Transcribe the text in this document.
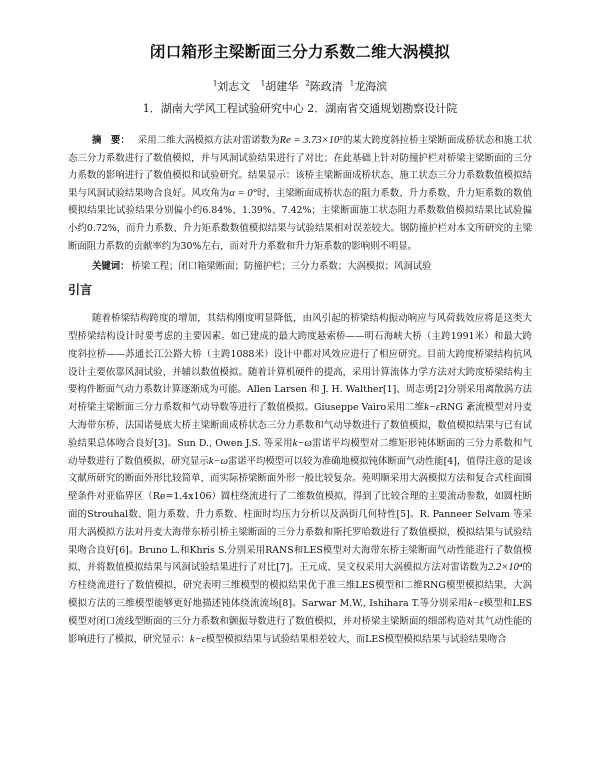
闭口箱形主梁断面三分力系数二维大涡模拟
$^1$刘志文 $^1$胡建华 $^2$陈政清 $^1$龙海滨
1．湖南大学风工程试验研究中心 2．湖南省交通规划勘察设计院

摘　要： 采用二维大涡模拟方法对雷诺数为Re = 3.73×10⁵的某大跨度斜拉桥主梁断面成桥状态和施工状态三分力系数进行了数值模拟，并与风洞试验结果进行了对比；在此基础上针对防撞护栏对桥梁主梁断面的三分力系数的影响进行了数值模拟和试验研究。结果显示：该桥主梁断面成桥状态、施工状态三分力系数数值模拟结果与风洞试验结果吻合良好。风攻角为α = 0°时，主梁断面成桥状态的阻力系数、升力系数、升力矩系数的数值模拟结果比试验结果分别偏小约6.84%、1.39%、7.42%；主梁断面施工状态阻力系数数值模拟结果比试验偏小约0.72%，而升力系数、升力矩系数数值模拟结果与试验结果相对误差较大。钢防撞护栏对本文所研究的主梁断面阻力系数的贡献率约为30%左右，而对升力系数和升力矩系数的影响则不明显。

关键词： 桥梁工程；闭口箱梁断面；防撞护栏；三分力系数；大涡模拟；风洞试验
引言

随着桥梁结构跨度的增加，其结构刚度明显降低，由风引起的桥梁结构振动响应与风荷载效应将是这类大型桥梁结构设计时要考虑的主要因素。如已建成的最大跨度悬索桥——明石海峡大桥（主跨1991米）和最大跨度斜拉桥——苏通长江公路大桥（主跨1088米）设计中都对风效应进行了相应研究。目前大跨度桥梁结构抗风设计主要依靠风洞试验，并辅以数值模拟。随着计算机硬件的提高，采用计算流体力学方法对大跨度桥梁结构主要构件断面气动力系数计算逐渐成为可能。Allen Larsen 和 J. H. Walther[1]、周志勇[2]分别采用离散涡方法对桥梁主梁断面三分力系数和气动导数等进行了数值模拟。Giuseppe Vairo采用二维k−εRNG 紊流模型对丹麦大海带东桥、法国诺曼底大桥主梁断面成桥状态三分力系数和气动导数进行了数值模拟，数值模拟结果与已有试验结果总体吻合良好[3]。Sun D., Owen J.S. 等采用k−ω雷诺平均模型对二维矩形钝体断面的三分力系数和气动导数进行了数值模拟，研究显示k−ω雷诺平均模型可以较为准确地模拟钝体断面气动性能[4]，值得注意的是该文献所研究的断面外形比较简单，而实际桥梁断面外形一般比较复杂。苑明顺采用大涡模拟方法和复合式柱面围壁条件对亚临界区（Re=1.4x106）圆柱绕流进行了二维数值模拟，得到了比较合理的主要流动参数，如圆柱断面的Strouhal数、阻力系数、升力系数、柱面时均压力分析以及涡街几何特性[5]。R. Panneer Selvam 等采用大涡模拟方法对丹麦大海带东桥引桥主梁断面的三分力系数和斯托罗哈数进行了数值模拟，模拟结果与试验结果吻合良好[6]。Bruno L.和Khris S.分别采用RANS和LES模型对大海带东桥主梁断面气动性能进行了数值模拟，并将数值模拟结果与风洞试验结果进行了对比[7]。王元成、吴文权采用大涡模拟方法对雷诺数为2.2×10⁴的方柱绕流进行了数值模拟，研究表明三维模型的模拟结果优于准三维LES模型和二维RNG模型模拟结果，大涡模拟方法的三维模型能够更好地描述钝体绕流流场[8]。Sarwar M.W., Ishihara T.等分别采用k−ε模型和LES模型对闭口流线型断面的三分力系数和颤振导数进行了数值模拟，并对桥梁主梁断面的细部构造对其气动性能的影响进行了模拟，研究显示：k−ε模型模拟结果与试验结果相差较大，而LES模型模拟结果与试验结果吻合
